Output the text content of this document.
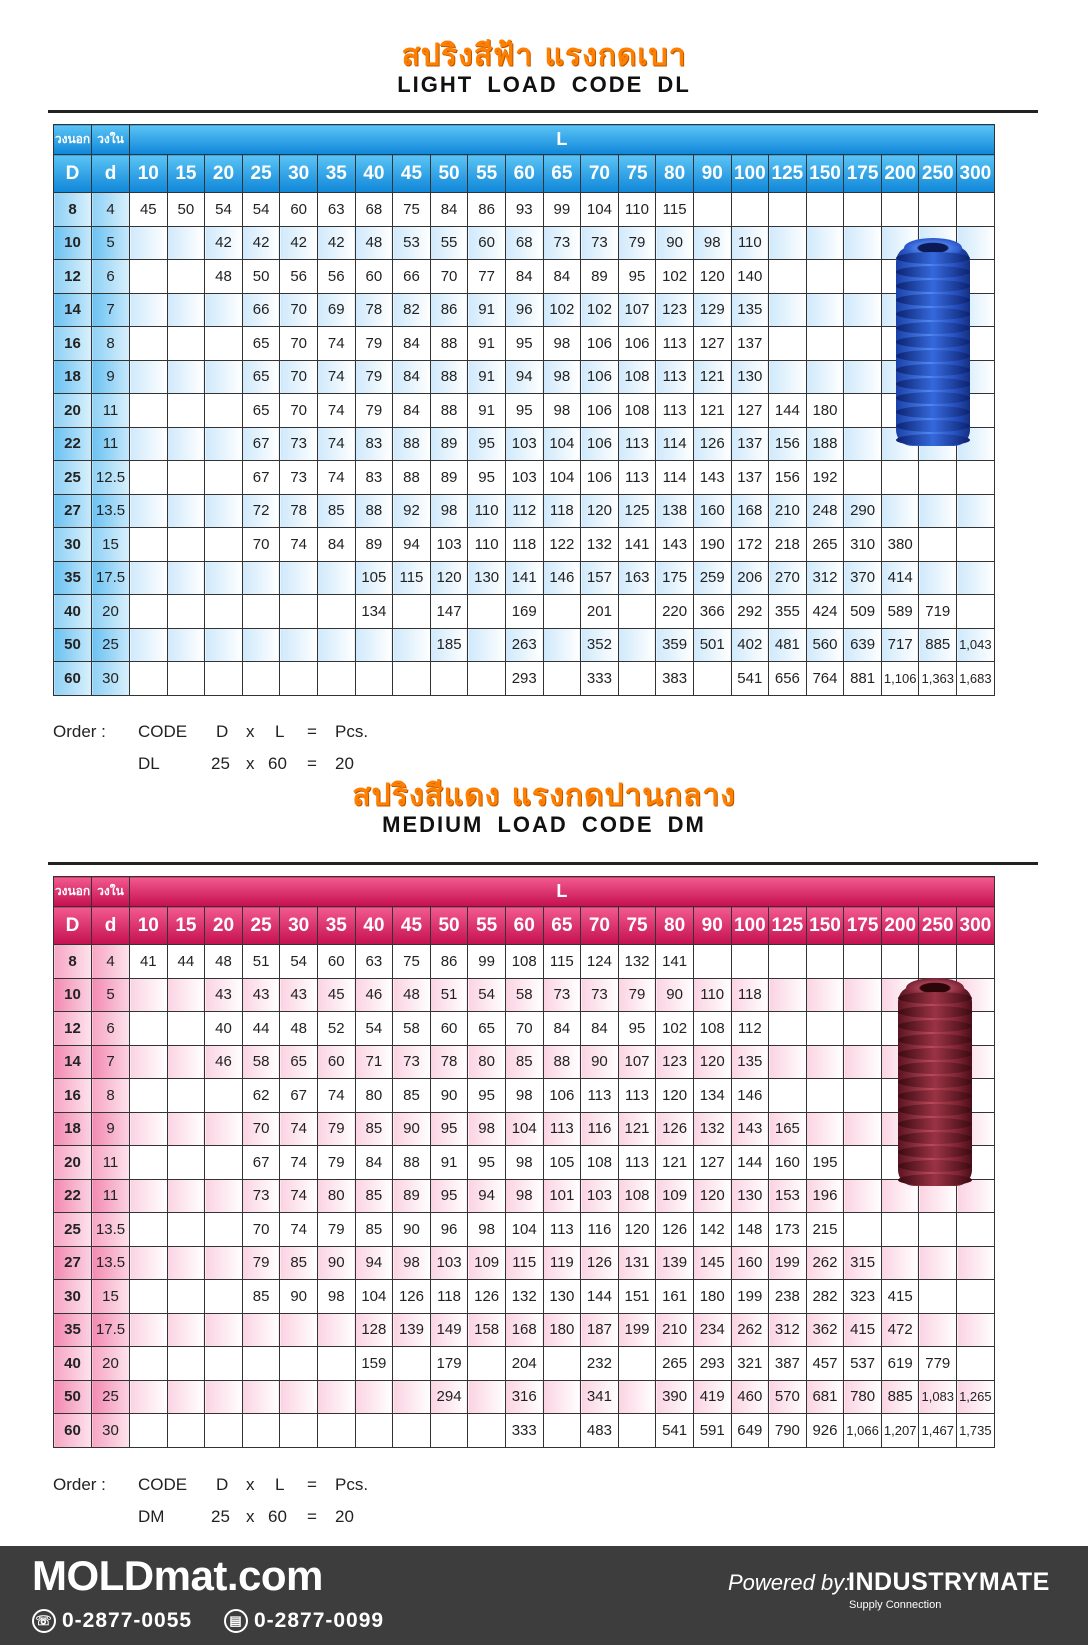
สปริงสีฟ้า แรงกดเบา
LIGHT LOAD CODE DL
วงนอก	วงใน	L																						
D	d	10	15	20	25	30	35	40	45	50	55	60	65	70	75	80	90	100	125	150	175	200	250	300
8	4	45	50	54	54	60	63	68	75	84	86	93	99	104	110	115								
10	5			42	42	42	42	48	53	55	60	68	73	73	79	90	98	110						
12	6			48	50	56	56	60	66	70	77	84	84	89	95	102	120	140						
14	7				66	70	69	78	82	86	91	96	102	102	107	123	129	135						
16	8				65	70	74	79	84	88	91	95	98	106	106	113	127	137						
18	9				65	70	74	79	84	88	91	94	98	106	108	113	121	130						
20	11				65	70	74	79	84	88	91	95	98	106	108	113	121	127	144	180				
22	11				67	73	74	83	88	89	95	103	104	106	113	114	126	137	156	188				
25	12.5				67	73	74	83	88	89	95	103	104	106	113	114	143	137	156	192				
27	13.5				72	78	85	88	92	98	110	112	118	120	125	138	160	168	210	248	290			
30	15				70	74	84	89	94	103	110	118	122	132	141	143	190	172	218	265	310	380		
35	17.5							105	115	120	130	141	146	157	163	175	259	206	270	312	370	414		
40	20							134		147		169		201		220	366	292	355	424	509	589	719	
50	25									185		263		352		359	501	402	481	560	639	717	885	1,043
60	30											293		333		383		541	656	764	881	1,106	1,363	1,683
Order : CODE D x L = Pcs.
DL	25 x 60 = 20
สปริงสีแดง แรงกดปานกลาง
MEDIUM LOAD CODE DM
วงนอก	วงใน	L																						
D	d	10	15	20	25	30	35	40	45	50	55	60	65	70	75	80	90	100	125	150	175	200	250	300
8	4	41	44	48	51	54	60	63	75	86	99	108	115	124	132	141								
10	5			43	43	43	45	46	48	51	54	58	73	73	79	90	110	118						
12	6			40	44	48	52	54	58	60	65	70	84	84	95	102	108	112						
14	7			46	58	65	60	71	73	78	80	85	88	90	107	123	120	135						
16	8				62	67	74	80	85	90	95	98	106	113	113	120	134	146						
18	9				70	74	79	85	90	95	98	104	113	116	121	126	132	143	165					
20	11				67	74	79	84	88	91	95	98	105	108	113	121	127	144	160	195				
22	11				73	74	80	85	89	95	94	98	101	103	108	109	120	130	153	196				
25	13.5				70	74	79	85	90	96	98	104	113	116	120	126	142	148	173	215				
27	13.5				79	85	90	94	98	103	109	115	119	126	131	139	145	160	199	262	315			
30	15				85	90	98	104	126	118	126	132	130	144	151	161	180	199	238	282	323	415		
35	17.5							128	139	149	158	168	180	187	199	210	234	262	312	362	415	472		
40	20							159		179		204		232		265	293	321	387	457	537	619	779	
50	25									294		316		341		390	419	460	570	681	780	885	1,083	1,265
60	30											333		483		541	591	649	790	926	1,066	1,207	1,467	1,735
Order : CODE D x L = Pcs.
DM	25 x 60 = 20
MOLDmat.com
☏ 0-2877-0055	▤ 0-2877-0099
Powered by:
INDUSTRYMATE
Supply Connection
